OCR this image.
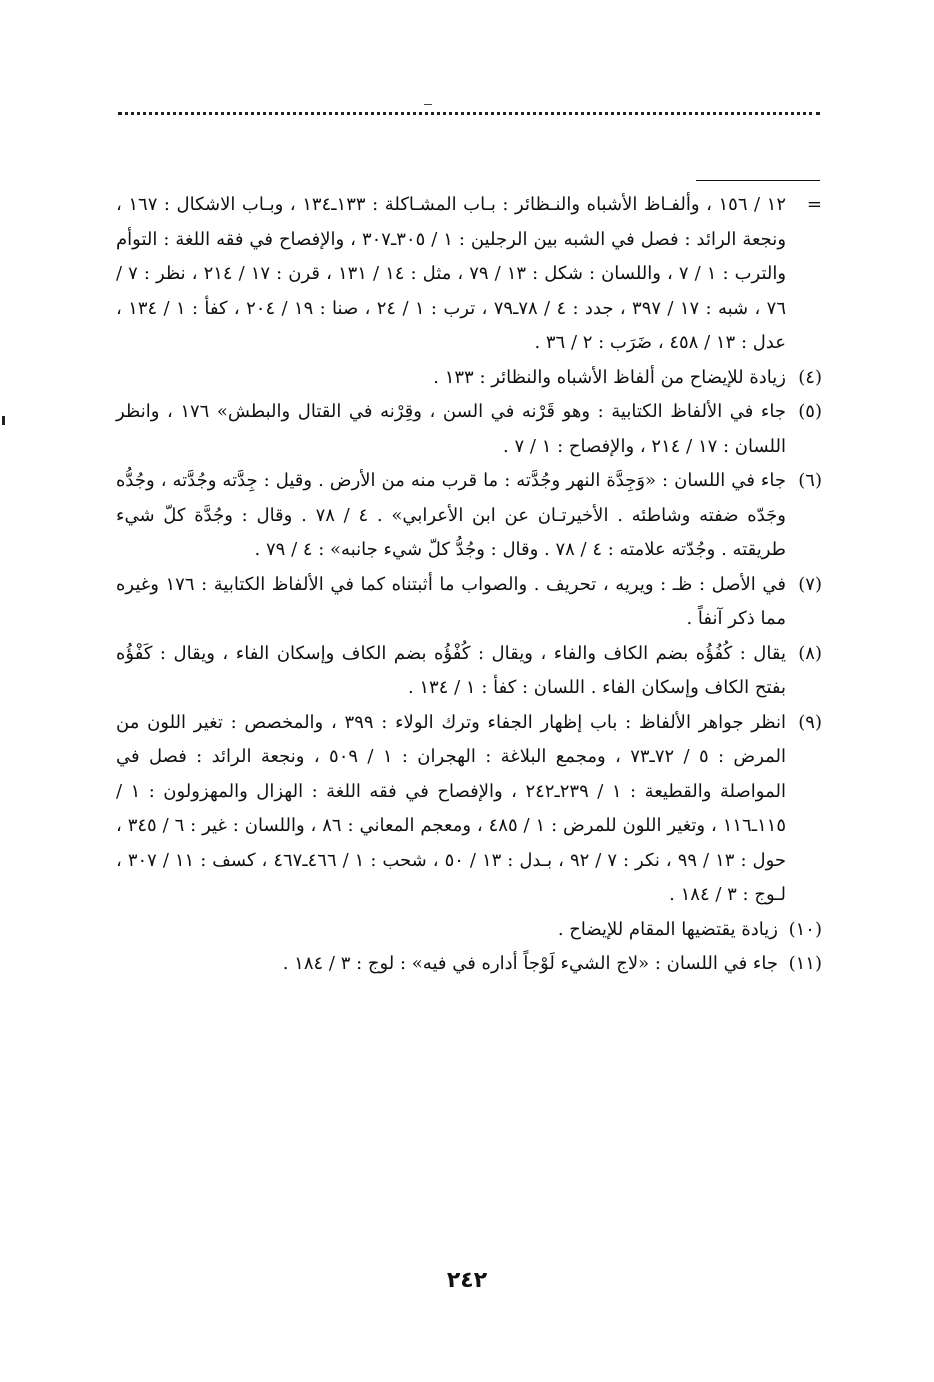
=
١٢ / ١٥٦ ، وألفـاظ الأشباه والنـظائر : بـاب المشـاكلة : ١٣٣ـ١٣٤ ، وبـاب الاشكال : ١٦٧ ، ونجعة الرائد : فصل في الشبه بين الرجلين : ١ / ٣٠٥ـ٣٠٧ ، والإفصاح في فقه اللغة : التوأم والترب : ١ / ٧ ، واللسان : شكل : ١٣ / ٧٩ ، مثل : ١٤ / ١٣١ ، قرن : ١٧ / ٢١٤ ، نظر : ٧ / ٧٦ ، شبه : ١٧ / ٣٩٧ ، جدد : ٤ / ٧٨ـ٧٩ ، ترب : ١ / ٢٤ ، صنا : ١٩ / ٢٠٤ ، كفأ : ١ / ١٣٤ ، عدل : ١٣ / ٤٥٨ ، ضَرَب : ٢ / ٣٦ .

(٤)
زيادة للإيضاح من ألفاظ الأشباه والنظائر : ١٣٣ .

(٥)
جاء في الألفاظ الكتابية : وهو قَرْنه في السن ، وقِرْنه في القتال والبطش» ١٧٦ ، وانظر اللسان : ١٧ / ٢١٤ ، والإفصاح : ١ / ٧ .

(٦)
جاء في اللسان : «وَجِدَّة النهر وجُدَّته : ما قرب منه من الأرض . وقيل : جِدَّته وجُدَّته ، وجُدُّه وجَدّه ضفته وشاطئه . الأخيرتـان عن ابن الأعرابي» . ٤ / ٧٨ . وقال : وجُدَّة كلّ شيء طريقته . وجُدّته علامته : ٤ / ٧٨ . وقال : وجُدُّ كلّ شيء جانبه» : ٤ / ٧٩ .

(٧)
في الأصل : ظـ : ويريه ، تحريف . والصواب ما أثبتناه كما في الألفاظ الكتابية : ١٧٦ وغيره مما ذكر آنفاً .

(٨)
يقال : كُفُؤُه بضم الكاف والفاء ، ويقال : كُفْؤُه بضم الكاف وإسكان الفاء ، ويقال : كَفْؤُه بفتح الكاف وإسكان الفاء . اللسان : كفأ : ١ / ١٣٤ .

(٩)
انظر جواهر الألفاظ : باب إظهار الجفاء وترك الولاء : ٣٩٩ ، والمخصص : تغير اللون من المرض : ٥ / ٧٢ـ٧٣ ، ومجمع البلاغة : الهجران : ١ / ٥٠٩ ، ونجعة الرائد : فصل في المواصلة والقطيعة : ١ / ٢٣٩ـ٢٤٢ ، والإفصاح في فقه اللغة : الهزال والمهزولون : ١ / ١١٥ـ١١٦ ، وتغير اللون للمرض : ١ / ٤٨٥ ، ومعجم المعاني : ٨٦ ، واللسان : غير : ٦ / ٣٤٥ ، حول : ١٣ / ٩٩ ، نكر : ٧ / ٩٢ ، بـدل : ١٣ / ٥٠ ، شحب : ١ / ٤٦٦ـ٤٦٧ ، كسف : ١١ / ٣٠٧ ، لـوج : ٣ / ١٨٤ .

(١٠)
زيادة يقتضيها المقام للإيضاح .

(١١)
جاء في اللسان : «لاج الشيء لَوْجاً أداره في فيه» : لوج : ٣ / ١٨٤ .

٢٤٢
